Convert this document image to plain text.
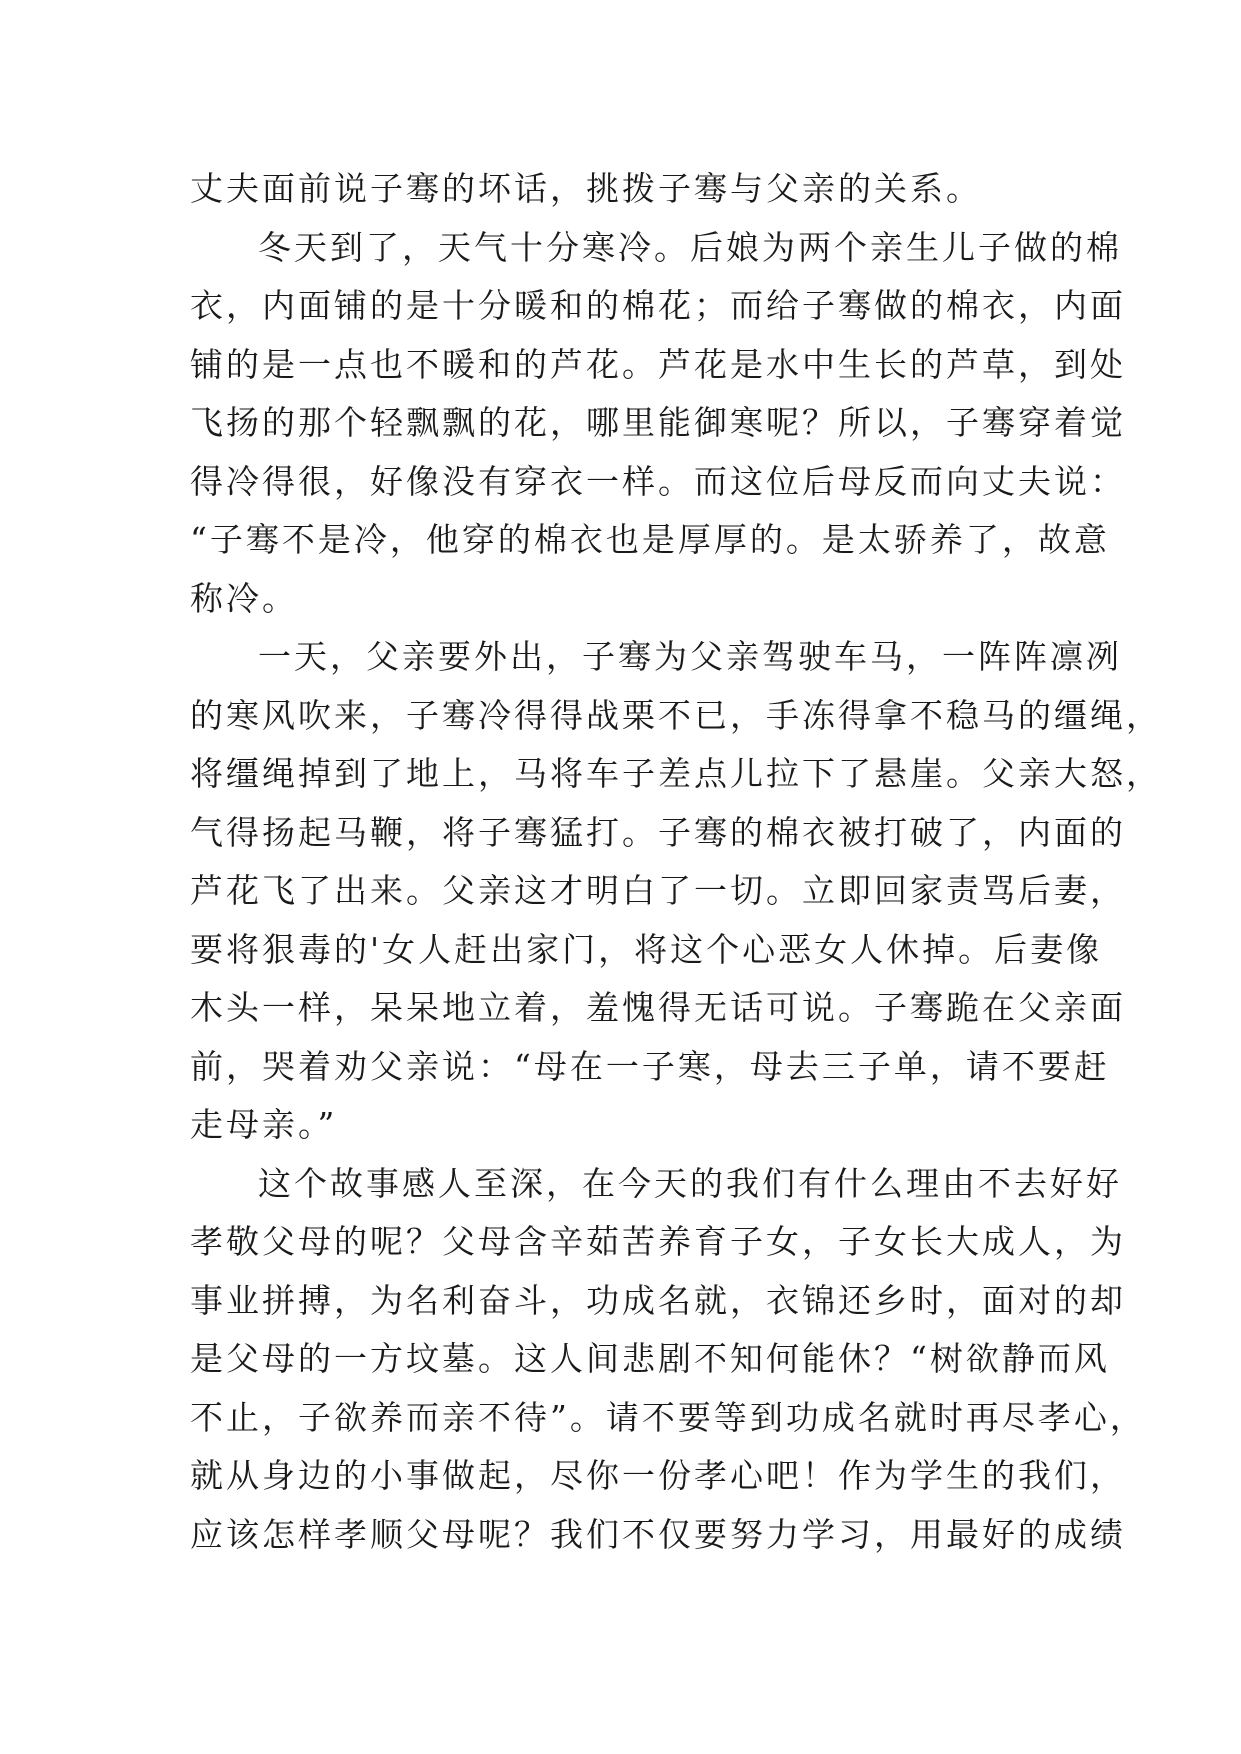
丈夫面前说子骞的坏话，挑拨子骞与父亲的关系。
冬天到了，天气十分寒冷。后娘为两个亲生儿子做的棉
衣，内面铺的是十分暖和的棉花；而给子骞做的棉衣，内面
铺的是一点也不暖和的芦花。芦花是水中生长的芦草，到处
飞扬的那个轻飘飘的花，哪里能御寒呢？所以，子骞穿着觉
得冷得很，好像没有穿衣一样。而这位后母反而向丈夫说：
“子骞不是冷，他穿的棉衣也是厚厚的。是太骄养了，故意
称冷。
一天，父亲要外出，子骞为父亲驾驶车马，一阵阵凛冽
的寒风吹来，子骞冷得得战栗不已，手冻得拿不稳马的缰绳，
将缰绳掉到了地上，马将车子差点儿拉下了悬崖。父亲大怒，
气得扬起马鞭，将子骞猛打。子骞的棉衣被打破了，内面的
芦花飞了出来。父亲这才明白了一切。立即回家责骂后妻，
要将狠毒的'女人赶出家门，将这个心恶女人休掉。后妻像
木头一样，呆呆地立着，羞愧得无话可说。子骞跪在父亲面
前，哭着劝父亲说：“母在一子寒，母去三子单，请不要赶
走母亲。”
这个故事感人至深，在今天的我们有什么理由不去好好
孝敬父母的呢？父母含辛茹苦养育子女，子女长大成人，为
事业拼搏，为名利奋斗，功成名就，衣锦还乡时，面对的却
是父母的一方坟墓。这人间悲剧不知何能休？“树欲静而风
不止，子欲养而亲不待”。请不要等到功成名就时再尽孝心，
就从身边的小事做起，尽你一份孝心吧！作为学生的我们，
应该怎样孝顺父母呢？我们不仅要努力学习，用最好的成绩
